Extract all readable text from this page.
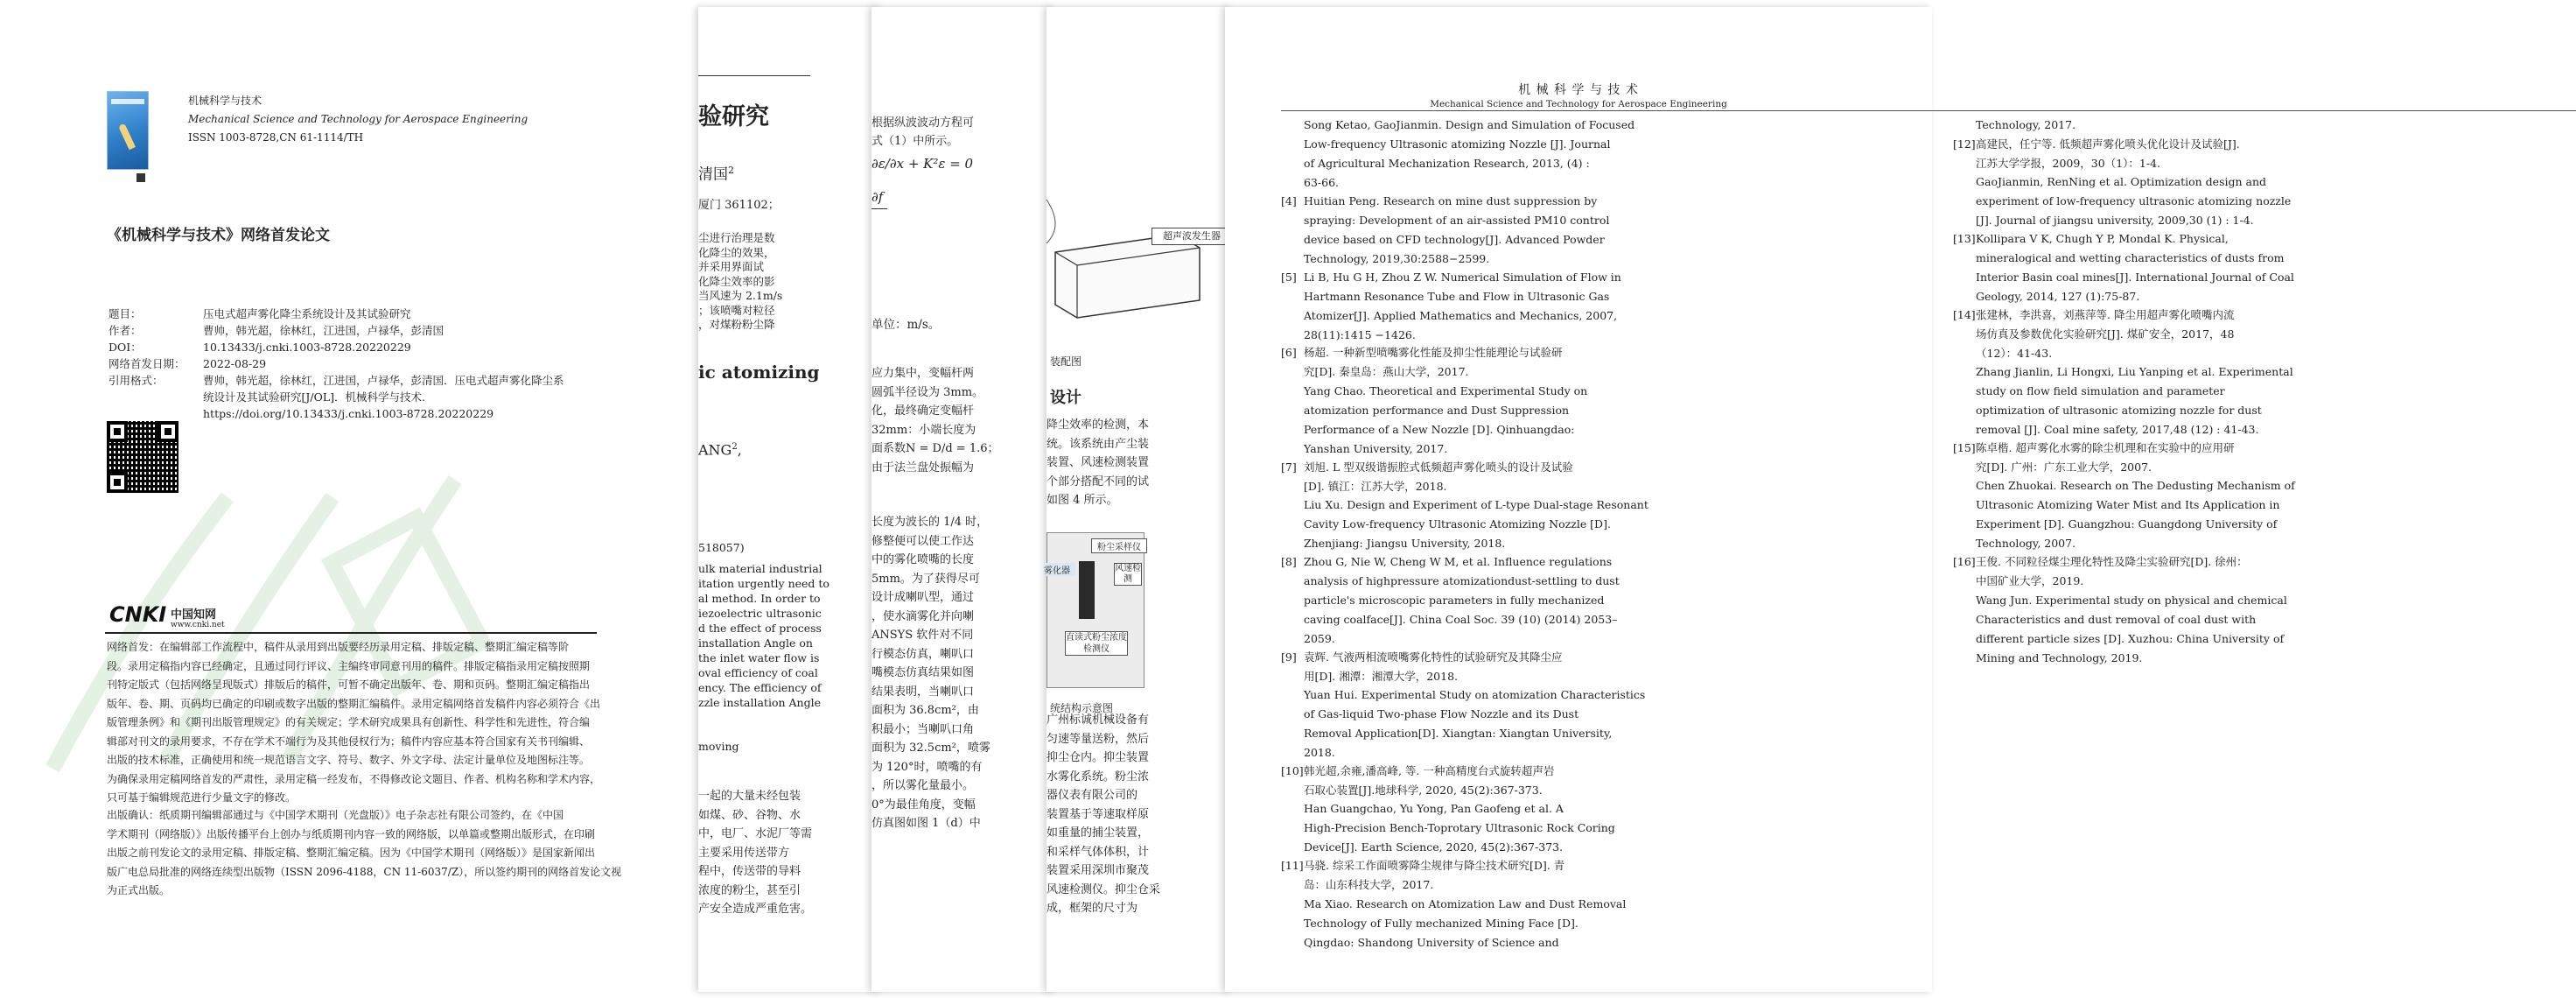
机 械 科 学 与 技 术
Mechanical Science and Technology for Aerospace Engineering
Song Ketao, GaoJianmin. Design and Simulation of Focused
Low-frequency Ultrasonic atomizing Nozzle [J]. Journal
of Agricultural Mechanization Research, 2013, (4) :
63-66.
[4] Huitian Peng. Research on mine dust suppression by
spraying: Development of an air-assisted PM10 control
device based on CFD technology[J]. Advanced Powder
Technology, 2019,30:2588−2599.
[5] Li B, Hu G H, Zhou Z W. Numerical Simulation of Flow in
Hartmann Resonance Tube and Flow in Ultrasonic Gas
Atomizer[J]. Applied Mathematics and Mechanics, 2007,
28(11):1415 −1426.
[6] 杨超. 一种新型喷嘴雾化性能及抑尘性能理论与试验研
究[D]. 秦皇岛：燕山大学，2017.
Yang Chao. Theoretical and Experimental Study on
atomization performance and Dust Suppression
Performance of a New Nozzle [D]. Qinhuangdao:
Yanshan University, 2017.
[7] 刘旭. L 型双级谐振腔式低频超声雾化喷头的设计及试验
[D]. 镇江：江苏大学，2018.
Liu Xu. Design and Experiment of L-type Dual-stage Resonant
Cavity Low-frequency Ultrasonic Atomizing Nozzle [D].
Zhenjiang: Jiangsu University, 2018.
[8] Zhou G, Nie W, Cheng W M, et al. Influence regulations
analysis of highpressure atomizationdust-settling to dust
particle's microscopic parameters in fully mechanized
caving coalface[J]. China Coal Soc. 39 (10) (2014) 2053–
2059.
[9] 袁辉. 气液两相流喷嘴雾化特性的试验研究及其降尘应
用[D]. 湘潭：湘潭大学，2018.
Yuan Hui. Experimental Study on atomization Characteristics
of Gas-liquid Two-phase Flow Nozzle and its Dust
Removal Application[D]. Xiangtan: Xiangtan University,
2018.
[10] 韩光超,余雍,潘高峰, 等. 一种高精度台式旋转超声岩
石取心装置[J].地球科学, 2020, 45(2):367-373.
Han Guangchao, Yu Yong, Pan Gaofeng et al. A
High-Precision Bench-Toprotary Ultrasonic Rock Coring
Device[J]. Earth Science, 2020, 45(2):367-373.
[11] 马骁. 综采工作面喷雾降尘规律与降尘技术研究[D]. 青
岛：山东科技大学，2017.
Ma Xiao. Research on Atomization Law and Dust Removal
Technology of Fully mechanized Mining Face [D].
Qingdao: Shandong University of Science and
Technology, 2017.
[12] 高建民，任宁等. 低频超声雾化喷头优化设计及试验[J].
江苏大学学报，2009，30（1）：1-4.
GaoJianmin, RenNing et al. Optimization design and
experiment of low-frequency ultrasonic atomizing nozzle
[J]. Journal of jiangsu university, 2009,30 (1) : 1-4.
[13] Kollipara V K, Chugh Y P, Mondal K. Physical,
mineralogical and wetting characteristics of dusts from
Interior Basin coal mines[J]. International Journal of Coal
Geology, 2014, 127 (1):75-87.
[14] 张建林，李洪喜，刘燕萍等. 降尘用超声雾化喷嘴内流
场仿真及参数优化实验研究[J]. 煤矿安全，2017，48
（12）：41-43.
Zhang Jianlin, Li Hongxi, Liu Yanping et al. Experimental
study on flow field simulation and parameter
optimization of ultrasonic atomizing nozzle for dust
removal [J]. Coal mine safety, 2017,48 (12) : 41-43.
[15] 陈卓楷. 超声雾化水雾的除尘机理和在实验中的应用研
究[D]. 广州：广东工业大学，2007.
Chen Zhuokai. Research on The Dedusting Mechanism of
Ultrasonic Atomizing Water Mist and Its Application in
Experiment [D]. Guangzhou: Guangdong University of
Technology, 2007.
[16] 王俊. 不同粒径煤尘理化特性及降尘实验研究[D]. 徐州：
中国矿业大学，2019.
Wang Jun. Experimental study on physical and chemical
Characteristics and dust removal of coal dust with
different particle sizes [D]. Xuzhou: China University of
Mining and Technology, 2019.
超声波发生器
装配图
设计
降尘效率的检测，本
统。该系统由产尘装
装置、风速检测装置
个部分搭配不同的试
如图 4 所示。
粉尘采样仪
雾化器	风速检测
直读式粉尘浓度检测仪
统结构示意图
广州标诚机械设备有
匀速等量送粉，然后
抑尘仓内。抑尘装置
水雾化系统。粉尘浓
器仪表有限公司的
装置基于等速取样原
如重量的捕尘装置，
和采样气体体积，计
装置采用深圳市聚茂
风速检测仪。抑尘仓采
成，框架的尺寸为
根据纵波波动方程可
式（1）中所示。
∂ε/∂x + K²ε = 0
∂f
单位：m/s。
应力集中，变幅杆两
圆弧半径设为 3mm。
化，最终确定变幅杆
32mm：小端长度为
面系数N = D/d = 1.6；
由于法兰盘处振幅为
长度为波长的 1/4 时，
修整便可以使工作达
中的雾化喷嘴的长度
5mm。为了获得尽可
设计成喇叭型，通过
，使水滴雾化并向喇
ANSYS 软件对不同
行模态仿真，喇叭口
嘴模态仿真结果如图
结果表明，当喇叭口
面积为 36.8cm²，由
积最小；当喇叭口角
面积为 32.5cm²，喷雾
为 120°时，喷嘴的有
，所以雾化量最小。
0°为最佳角度，变幅
仿真图如图 1（d）中
验研究
清国$^2$
厦门 361102；
尘进行治理是数
化降尘的效果，
并采用界面试
化降尘效率的影
当风速为 2.1m/s
；该喷嘴对粒径
，对煤粉粉尘降
ic atomizing
ANG$^2$,
518057)
ulk material industrial
itation urgently need to
al method. In order to
iezoelectric ultrasonic
d the effect of process
installation Angle on
the inlet water flow is
oval efficiency of coal
ency. The efficiency of
zzle installation Angle
moving
一起的大量未经包装
如煤、砂、谷物、水
中，电厂、水泥厂等需
主要采用传送带方
程中，传送带的导料
浓度的粉尘，甚至引
产安全造成严重危害。
机械科学与技术
Mechanical Science and Technology for Aerospace Engineering
ISSN 1003-8728,CN 61-1114/TH
《机械科学与技术》网络首发论文
题目：	压电式超声雾化降尘系统设计及其试验研究
作者：	曹帅，韩光超，徐林红，江进国，卢禄华，彭清国
DOI：	10.13433/j.cnki.1003-8728.20220229
网络首发日期： 2022-08-29
引用格式：	曹帅，韩光超，徐林红，江进国，卢禄华，彭清国．压电式超声雾化降尘系
统设计及其试验研究[J/OL]．机械科学与技术.
https://doi.org/10.13433/j.cnki.1003-8728.20220229
CNKI 中国知网
www.cnki.net
网络首发：在编辑部工作流程中，稿件从录用到出版要经历录用定稿、排版定稿、整期汇编定稿等阶
段。录用定稿指内容已经确定，且通过同行评议、主编终审同意刊用的稿件。排版定稿指录用定稿按照期
刊特定版式（包括网络呈现版式）排版后的稿件，可暂不确定出版年、卷、期和页码。整期汇编定稿指出
版年、卷、期、页码均已确定的印刷或数字出版的整期汇编稿件。录用定稿网络首发稿件内容必须符合《出
版管理条例》和《期刊出版管理规定》的有关规定；学术研究成果具有创新性、科学性和先进性，符合编
辑部对刊文的录用要求，不存在学术不端行为及其他侵权行为；稿件内容应基本符合国家有关书刊编辑、
出版的技术标准，正确使用和统一规范语言文字、符号、数字、外文字母、法定计量单位及地图标注等。
为确保录用定稿网络首发的严肃性，录用定稿一经发布，不得修改论文题目、作者、机构名称和学术内容，
只可基于编辑规范进行少量文字的修改。
出版确认：纸质期刊编辑部通过与《中国学术期刊（光盘版）》电子杂志社有限公司签约，在《中国
学术期刊（网络版）》出版传播平台上创办与纸质期刊内容一致的网络版，以单篇或整期出版形式，在印刷
出版之前刊发论文的录用定稿、排版定稿、整期汇编定稿。因为《中国学术期刊（网络版）》是国家新闻出
版广电总局批准的网络连续型出版物（ISSN 2096-4188，CN 11-6037/Z），所以签约期刊的网络首发论文视
为正式出版。
